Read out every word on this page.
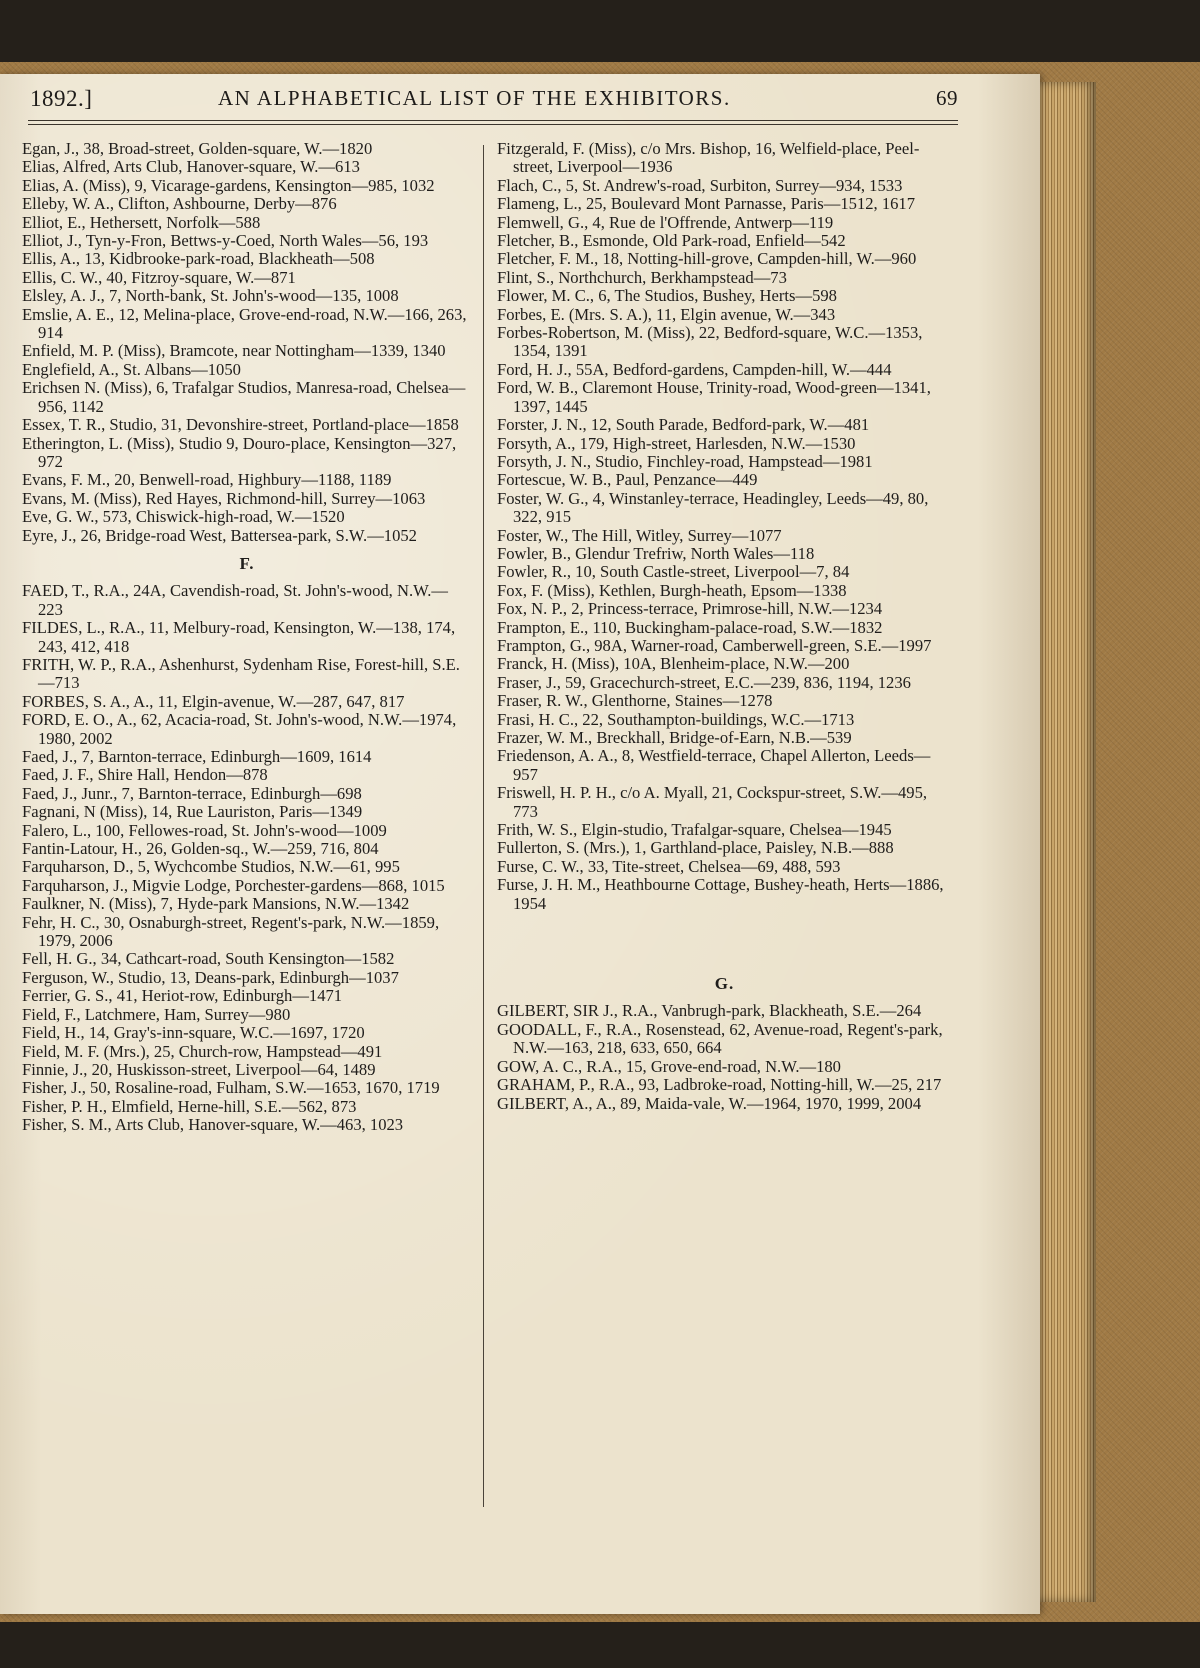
1892.]	AN ALPHABETICAL LIST OF THE EXHIBITORS.	69

Egan, J., 38, Broad-street, Golden-square, W.—1820

Elias, Alfred, Arts Club, Hanover-square, W.—613

Elias, A. (Miss), 9, Vicarage-gardens, Kensington—985, 1032

Elleby, W. A., Clifton, Ashbourne, Derby—876

Elliot, E., Hethersett, Norfolk—588

Elliot, J., Tyn-y-Fron, Bettws-y-Coed, North Wales—56, 193

Ellis, A., 13, Kidbrooke-park-road, Blackheath—508

Ellis, C. W., 40, Fitzroy-square, W.—871

Elsley, A. J., 7, North-bank, St. John's-wood—135, 1008

Emslie, A. E., 12, Melina-place, Grove-end-road, N.W.—166, 263, 914

Enfield, M. P. (Miss), Bramcote, near Nottingham—1339, 1340

Englefield, A., St. Albans—1050

Erichsen N. (Miss), 6, Trafalgar Studios, Manresa-road, Chelsea—956, 1142

Essex, T. R., Studio, 31, Devonshire-street, Portland-place—1858

Etherington, L. (Miss), Studio 9, Douro-place, Kensington—327, 972

Evans, F. M., 20, Benwell-road, Highbury—1188, 1189

Evans, M. (Miss), Red Hayes, Richmond-hill, Surrey—1063

Eve, G. W., 573, Chiswick-high-road, W.—1520

Eyre, J., 26, Bridge-road West, Battersea-park, S.W.—1052

F.

FAED, T., R.A., 24A, Cavendish-road, St. John's-wood, N.W.—223

FILDES, L., R.A., 11, Melbury-road, Kensington, W.—138, 174, 243, 412, 418

FRITH, W. P., R.A., Ashenhurst, Sydenham Rise, Forest-hill, S.E.—713

FORBES, S. A., A., 11, Elgin-avenue, W.—287, 647, 817

FORD, E. O., A., 62, Acacia-road, St. John's-wood, N.W.—1974, 1980, 2002

Faed, J., 7, Barnton-terrace, Edinburgh—1609, 1614

Faed, J. F., Shire Hall, Hendon—878

Faed, J., Junr., 7, Barnton-terrace, Edinburgh—698

Fagnani, N (Miss), 14, Rue Lauriston, Paris—1349

Falero, L., 100, Fellowes-road, St. John's-wood—1009

Fantin-Latour, H., 26, Golden-sq., W.—259, 716, 804

Farquharson, D., 5, Wychcombe Studios, N.W.—61, 995

Farquharson, J., Migvie Lodge, Porchester-gardens—868, 1015

Faulkner, N. (Miss), 7, Hyde-park Mansions, N.W.—1342

Fehr, H. C., 30, Osnaburgh-street, Regent's-park, N.W.—1859, 1979, 2006

Fell, H. G., 34, Cathcart-road, South Kensington—1582

Ferguson, W., Studio, 13, Deans-park, Edinburgh—1037

Ferrier, G. S., 41, Heriot-row, Edinburgh—1471

Field, F., Latchmere, Ham, Surrey—980

Field, H., 14, Gray's-inn-square, W.C.—1697, 1720

Field, M. F. (Mrs.), 25, Church-row, Hampstead—491

Finnie, J., 20, Huskisson-street, Liverpool—64, 1489

Fisher, J., 50, Rosaline-road, Fulham, S.W.—1653, 1670, 1719

Fisher, P. H., Elmfield, Herne-hill, S.E.—562, 873

Fisher, S. M., Arts Club, Hanover-square, W.—463, 1023

Fitzgerald, F. (Miss), c/o Mrs. Bishop, 16, Welfield-place, Peel-street, Liverpool—1936

Flach, C., 5, St. Andrew's-road, Surbiton, Surrey—934, 1533

Flameng, L., 25, Boulevard Mont Parnasse, Paris—1512, 1617

Flemwell, G., 4, Rue de l'Offrende, Antwerp—119

Fletcher, B., Esmonde, Old Park-road, Enfield—542

Fletcher, F. M., 18, Notting-hill-grove, Campden-hill, W.—960

Flint, S., Northchurch, Berkhampstead—73

Flower, M. C., 6, The Studios, Bushey, Herts—598

Forbes, E. (Mrs. S. A.), 11, Elgin avenue, W.—343

Forbes-Robertson, M. (Miss), 22, Bedford-square, W.C.—1353, 1354, 1391

Ford, H. J., 55A, Bedford-gardens, Campden-hill, W.—444

Ford, W. B., Claremont House, Trinity-road, Wood-green—1341, 1397, 1445

Forster, J. N., 12, South Parade, Bedford-park, W.—481

Forsyth, A., 179, High-street, Harlesden, N.W.—1530

Forsyth, J. N., Studio, Finchley-road, Hampstead—1981

Fortescue, W. B., Paul, Penzance—449

Foster, W. G., 4, Winstanley-terrace, Headingley, Leeds—49, 80, 322, 915

Foster, W., The Hill, Witley, Surrey—1077

Fowler, B., Glendur Trefriw, North Wales—118

Fowler, R., 10, South Castle-street, Liverpool—7, 84

Fox, F. (Miss), Kethlen, Burgh-heath, Epsom—1338

Fox, N. P., 2, Princess-terrace, Primrose-hill, N.W.—1234

Frampton, E., 110, Buckingham-palace-road, S.W.—1832

Frampton, G., 98A, Warner-road, Camberwell-green, S.E.—1997

Franck, H. (Miss), 10A, Blenheim-place, N.W.—200

Fraser, J., 59, Gracechurch-street, E.C.—239, 836, 1194, 1236

Fraser, R. W., Glenthorne, Staines—1278

Frasi, H. C., 22, Southampton-buildings, W.C.—1713

Frazer, W. M., Breckhall, Bridge-of-Earn, N.B.—539

Friedenson, A. A., 8, Westfield-terrace, Chapel Allerton, Leeds—957

Friswell, H. P. H., c/o A. Myall, 21, Cockspur-street, S.W.—495, 773

Frith, W. S., Elgin-studio, Trafalgar-square, Chelsea—1945

Fullerton, S. (Mrs.), 1, Garthland-place, Paisley, N.B.—888

Furse, C. W., 33, Tite-street, Chelsea—69, 488, 593

Furse, J. H. M., Heathbourne Cottage, Bushey-heath, Herts—1886, 1954

G.

GILBERT, SIR J., R.A., Vanbrugh-park, Blackheath, S.E.—264

GOODALL, F., R.A., Rosenstead, 62, Avenue-road, Regent's-park, N.W.—163, 218, 633, 650, 664

GOW, A. C., R.A., 15, Grove-end-road, N.W.—180

GRAHAM, P., R.A., 93, Ladbroke-road, Notting-hill, W.—25, 217

GILBERT, A., A., 89, Maida-vale, W.—1964, 1970, 1999, 2004
